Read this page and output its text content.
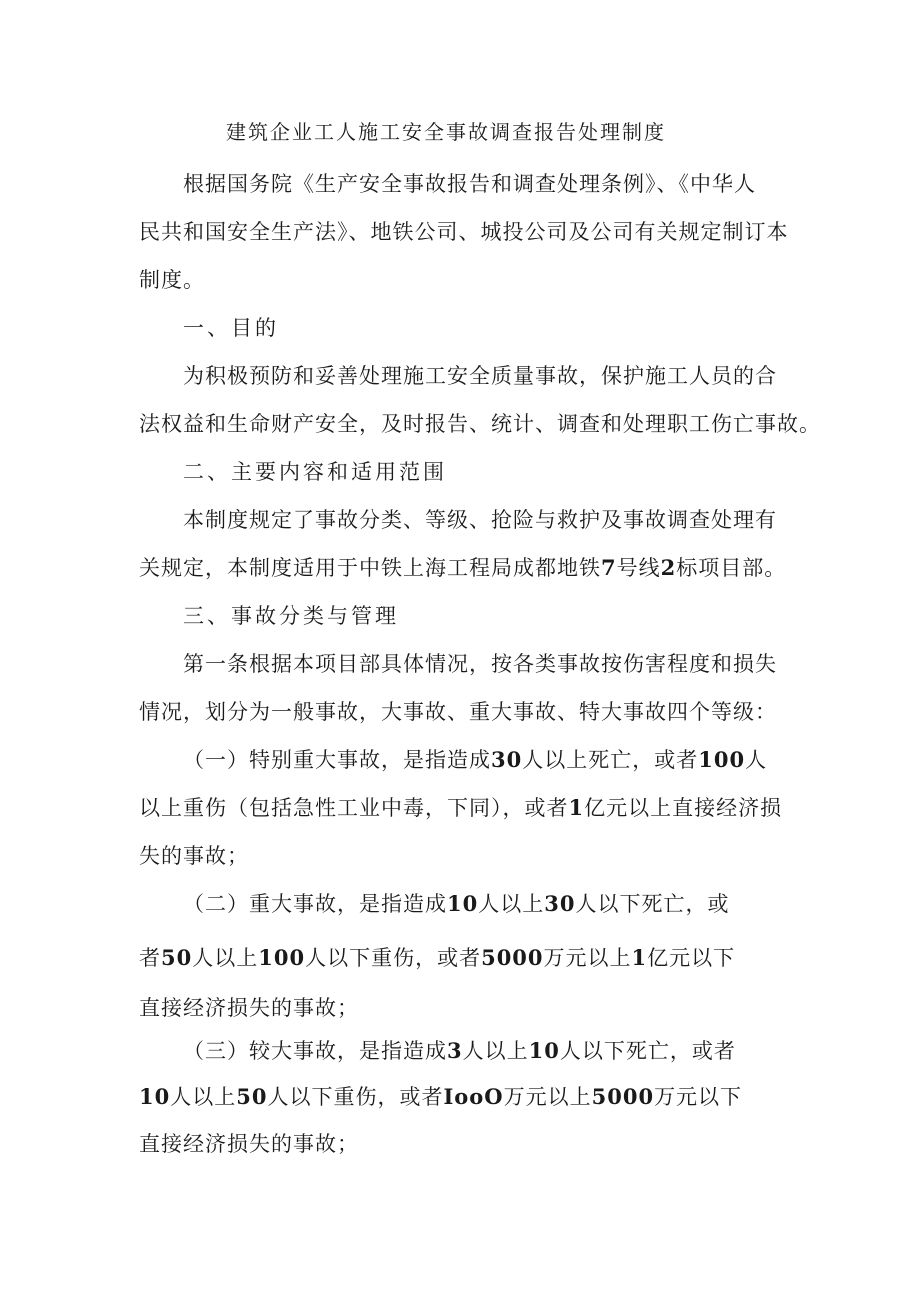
建筑企业工人施工安全事故调查报告处理制度
根据国务院《生产安全事故报告和调查处理条例》、《中华人
民共和国安全生产法》、地铁公司、城投公司及公司有关规定制订本
制度。
一、目的
为积极预防和妥善处理施工安全质量事故，保护施工人员的合
法权益和生命财产安全，及时报告、统计、调查和处理职工伤亡事故。
二、主要内容和适用范围
本制度规定了事故分类、等级、抢险与救护及事故调查处理有
关规定，本制度适用于中铁上海工程局成都地铁7号线2标项目部。
三、事故分类与管理
第一条根据本项目部具体情况，按各类事故按伤害程度和损失
情况，划分为一般事故，大事故、重大事故、特大事故四个等级：
（一）特别重大事故，是指造成30人以上死亡，或者100人
以上重伤（包括急性工业中毒，下同），或者1亿元以上直接经济损
失的事故；
（二）重大事故，是指造成10人以上30人以下死亡，或
者50人以上100人以下重伤，或者5000万元以上1亿元以下
直接经济损失的事故；
（三）较大事故，是指造成3人以上10人以下死亡，或者
10人以上50人以下重伤，或者IooO万元以上5000万元以下
直接经济损失的事故；
